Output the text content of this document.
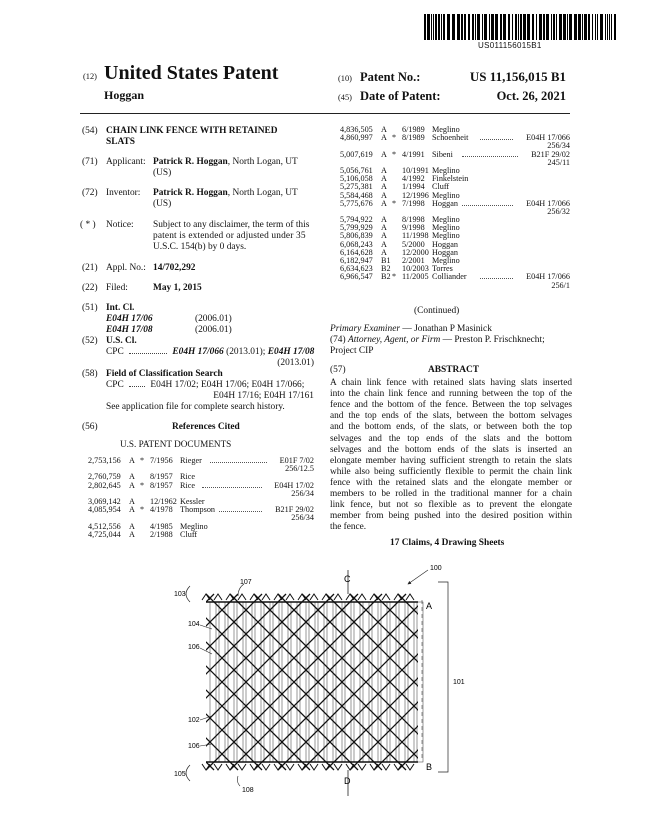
US011156015B1
(12) United States Patent
Hoggan
(10) Patent No.:	US 11,156,015 B1
(45) Date of Patent:	Oct. 26, 2021
(54) CHAIN LINK FENCE WITH RETAINED
SLATS
(71) Applicant: Patrick R. Hoggan, North Logan, UT
(US)
(72) Inventor: Patrick R. Hoggan, North Logan, UT
(US)
( * ) Notice: Subject to any disclaimer, the term of this
patent is extended or adjusted under 35
U.S.C. 154(b) by 0 days.
(21) Appl. No.: 14/702,292
(22) Filed:	May 1, 2015
(51) Int. Cl.
E04H 17/06	(2006.01)
E04H 17/08	(2006.01)
(52) U.S. Cl.
CPC	E04H 17/066 (2013.01); E04H 17/08
(2013.01)
(58) Field of Classification Search
CPC	E04H 17/02; E04H 17/06; E04H 17/066;
E04H 17/16; E04H 17/161
See application file for complete search history.
(56)	References Cited
U.S. PATENT DOCUMENTS
2,753,156 A * 7/1956 Rieger	E01F 7/02
256/12.5
2,760,759 A 8/1957 Rice
2,802,645 A * 8/1957 Rice	E04H 17/02
256/34
3,069,142 A 12/1962 Kessler
4,085,954 A * 4/1978 Thompson	B21F 29/02
256/34
4,512,556 A 4/1985 Meglino
4,725,044 A 2/1988 Cluff
4,836,505 A 6/1989 Meglino
4,860,997 A * 8/1989 Schoenheit	E04H 17/066
256/34
5,007,619 A * 4/1991 Sibeni	B21F 29/02
245/11
5,056,761 A 10/1991 Meglino
5,106,058 A 4/1992 Finkelstein
5,275,381 A 1/1994 Cluff
5,584,468 A 12/1996 Meglino
5,775,676 A * 7/1998 Hoggan	E04H 17/066
256/32
5,794,922 A 8/1998 Meglino
5,799,929 A 9/1998 Meglino
5,806,839 A 11/1998 Meglino
6,068,243 A 5/2000 Hoggan
6,164,628 A 12/2000 Hoggan
6,182,947 B1 2/2001 Meglino
6,634,623 B2 10/2003 Torres
6,966,547 B2 * 11/2005 Colliander	E04H 17/066
256/1
(Continued)
Primary Examiner — Jonathan P Masinick
(74) Attorney, Agent, or Firm — Preston P. Frischknecht;
Project CIP
(57)	ABSTRACT
A chain link fence with retained slats having slats inserted
into the chain link fence and running between the top of the
fence and the bottom of the fence. Between the top selvages
and the top ends of the slats, between the bottom selvages
and the bottom ends, of the slats, or between both the top
selvages and the top ends of the slats and the bottom
selvages and the bottom ends of the slats is inserted an
elongate member having sufficient strength to retain the slats
while also being sufficiently flexible to permit the chain link
fence with the retained slats and the elongate member or
members to be rolled in the traditional manner for a chain
link fence, but not so flexible as to prevent the elongate
member from being pushed into the desired position within
the fence.
17 Claims, 4 Drawing Sheets
100
101
103
104
106
102
106
105
107
108
A
B
C
D
